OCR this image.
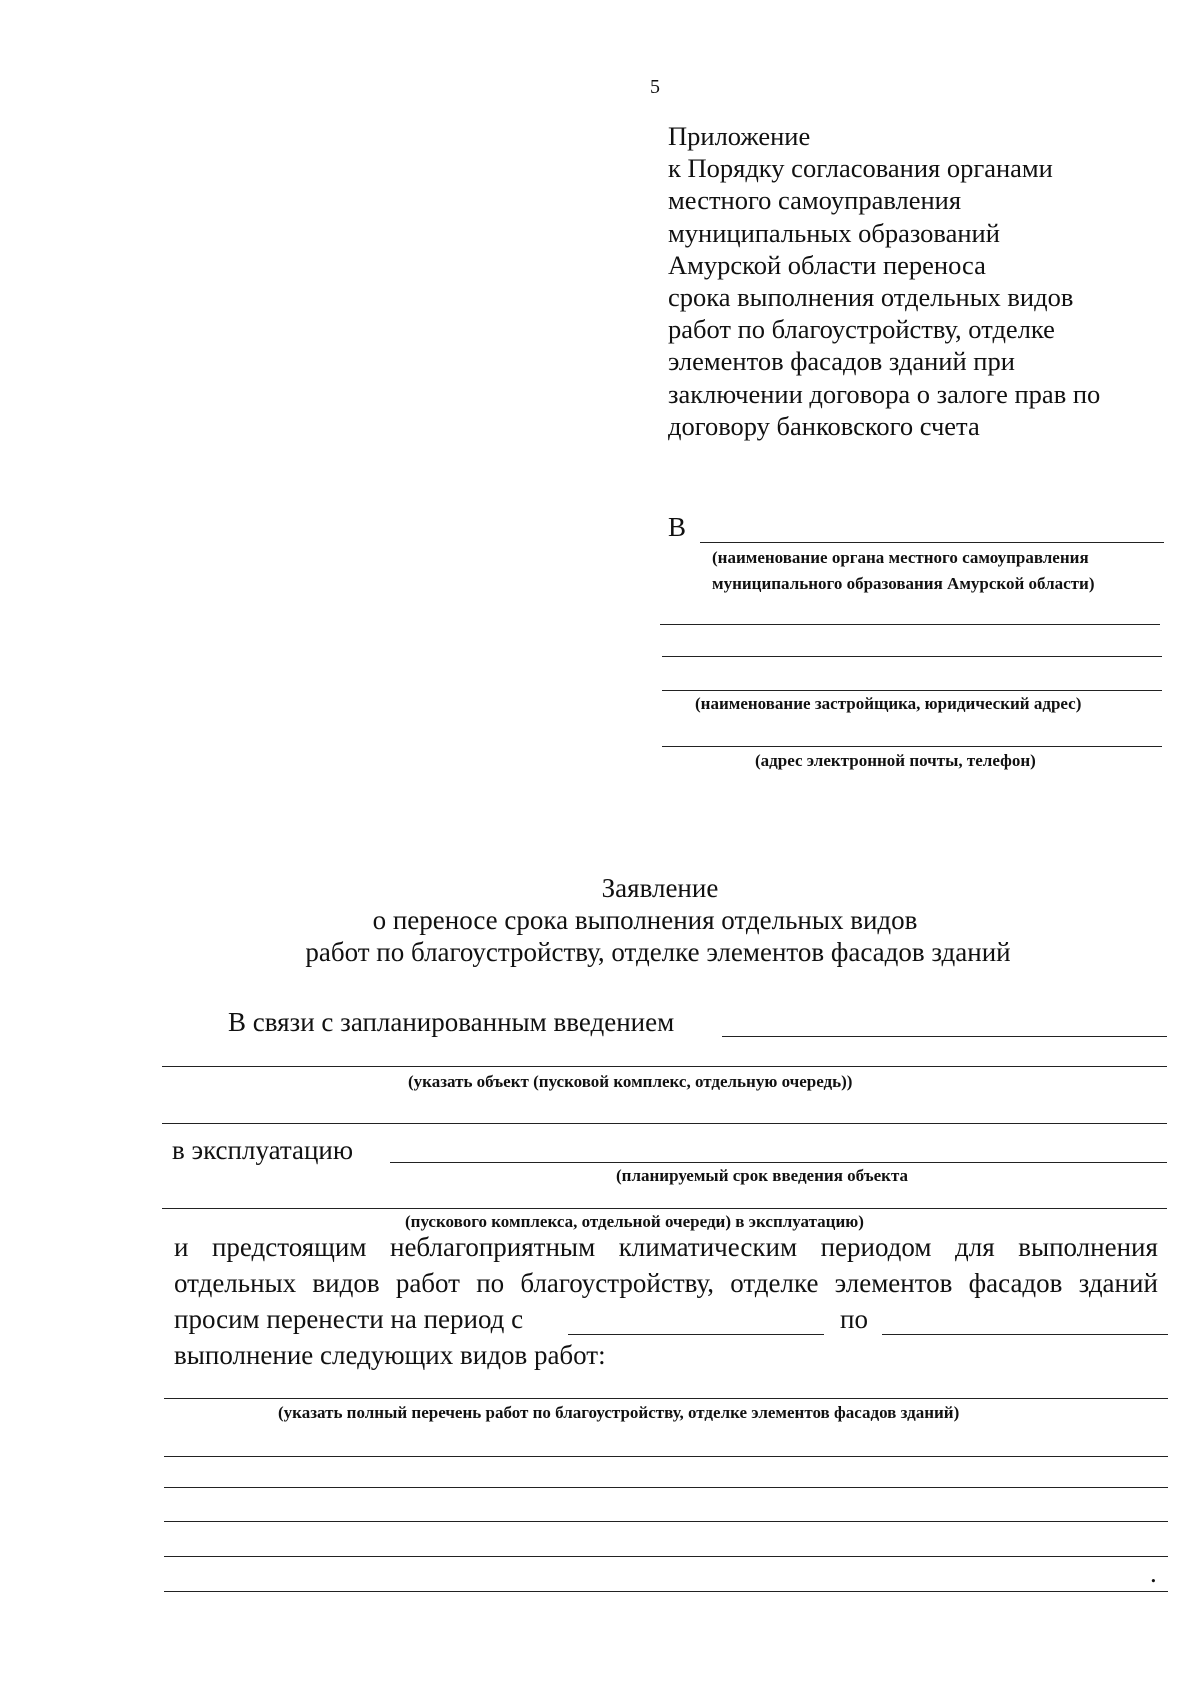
5
Приложение
к Порядку согласования органами
местного самоуправления
муниципальных образований
Амурской области переноса
срока выполнения отдельных видов
работ по благоустройству, отделке
элементов фасадов зданий при
заключении договора о залоге прав по
договору банковского счета
В
(наименование органа местного самоуправления
муниципального образования Амурской области)
(наименование застройщика, юридический адрес)
(адрес электронной почты, телефон)
Заявление
о переносе срока выполнения отдельных видов
работ по благоустройству, отделке элементов фасадов зданий
В связи с запланированным введением
(указать объект (пусковой комплекс, отдельную очередь))
в эксплуатацию
(планируемый срок введения объекта
(пускового комплекса, отдельной очереди) в эксплуатацию)
и предстоящим неблагоприятным климатическим периодом для выполнения
отдельных видов работ по благоустройству, отделке элементов фасадов зданий
просим перенести на период с	по
выполнение следующих видов работ:
(указать полный перечень работ по благоустройству, отделке элементов фасадов зданий)
.
